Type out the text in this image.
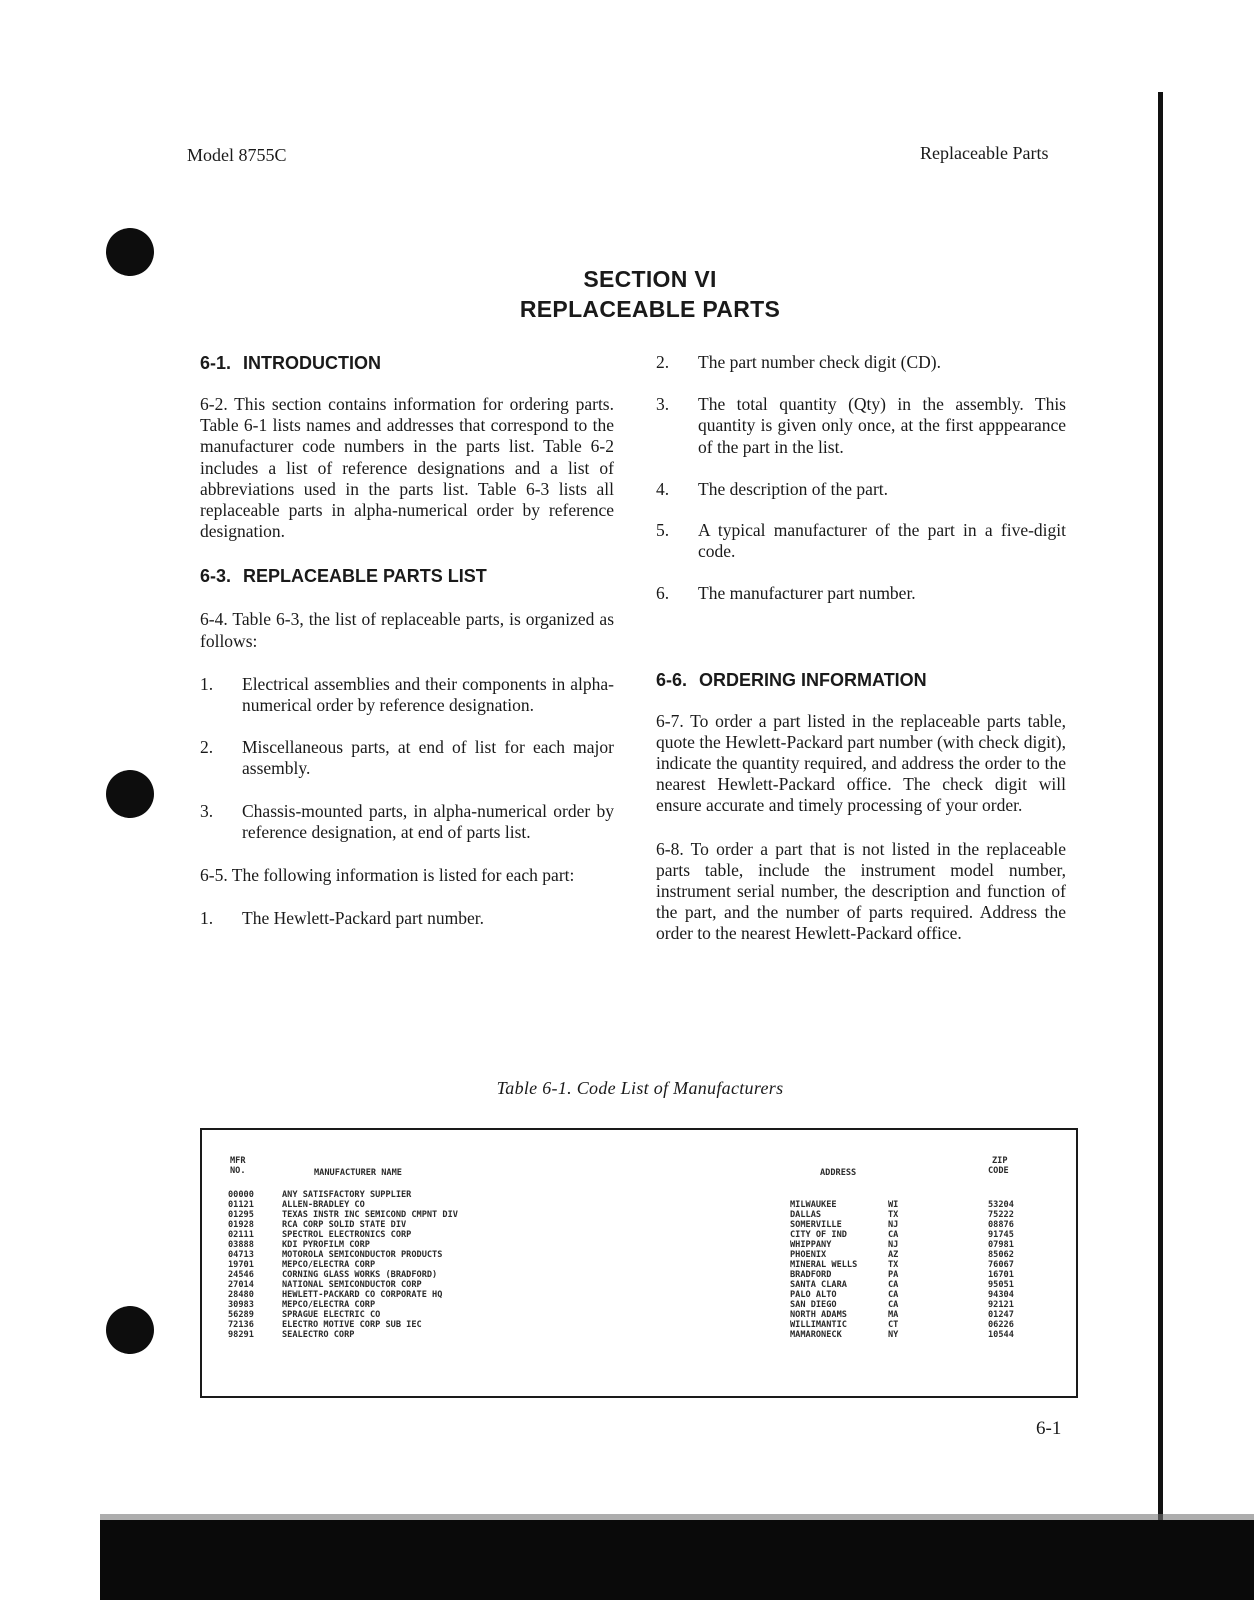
Model 8755C	Replaceable Parts
SECTION VI
REPLACEABLE PARTS
6-1. INTRODUCTION

6-2. This section contains information for ordering parts. Table 6-1 lists names and addresses that correspond to the manufacturer code numbers in the parts list. Table 6-2 includes a list of reference designations and a list of abbreviations used in the parts list. Table 6-3 lists all replaceable parts in alpha-numerical order by reference designation.

6-3. REPLACEABLE PARTS LIST

6-4. Table 6-3, the list of replaceable parts, is organized as follows:

1.	Electrical assemblies and their components in alpha-numerical order by reference designation.
2.	Miscellaneous parts, at end of list for each major assembly.
3.	Chassis-mounted parts, in alpha-numerical order by reference designation, at end of parts list.

6-5. The following information is listed for each part:

1.	The Hewlett-Packard part number.
2.	The part number check digit (CD).
3.	The total quantity (Qty) in the assembly. This quantity is given only once, at the first apppearance of the part in the list.
4.	The description of the part.
5.	A typical manufacturer of the part in a five-digit code.
6.	The manufacturer part number.
6-6. ORDERING INFORMATION

6-7. To order a part listed in the replaceable parts table, quote the Hewlett-Packard part number (with check digit), indicate the quantity required, and address the order to the nearest Hewlett-Packard office. The check digit will ensure accurate and timely processing of your order.

6-8. To order a part that is not listed in the replaceable parts table, include the instrument model number, instrument serial number, the description and function of the part, and the number of parts required. Address the order to the nearest Hewlett-Packard office.

Table 6-1. Code List of Manufacturers
MFR
NO.	MANUFACTURER NAME	ADDRESS
ZIP
CODE
00000	ANY SATISFACTORY SUPPLIER
01121	ALLEN-BRADLEY CO	MILWAUKEE	WI	53204
01295	TEXAS INSTR INC SEMICOND CMPNT DIV	DALLAS	TX	75222
01928	RCA CORP SOLID STATE DIV	SOMERVILLE	NJ	08876
02111	SPECTROL ELECTRONICS CORP	CITY OF IND	CA	91745
03888	KDI PYROFILM CORP	WHIPPANY	NJ	07981
04713	MOTOROLA SEMICONDUCTOR PRODUCTS	PHOENIX	AZ	85062
19701	MEPCO/ELECTRA CORP	MINERAL WELLS	TX	76067
24546	CORNING GLASS WORKS (BRADFORD)	BRADFORD	PA	16701
27014	NATIONAL SEMICONDUCTOR CORP	SANTA CLARA	CA	95051
28480	HEWLETT-PACKARD CO CORPORATE HQ	PALO ALTO	CA	94304
30983	MEPCO/ELECTRA CORP	SAN DIEGO	CA	92121
56289	SPRAGUE ELECTRIC CO	NORTH ADAMS	MA	01247
72136	ELECTRO MOTIVE CORP SUB IEC	WILLIMANTIC	CT	06226
98291	SEALECTRO CORP	MAMARONECK	NY	10544
6-1
